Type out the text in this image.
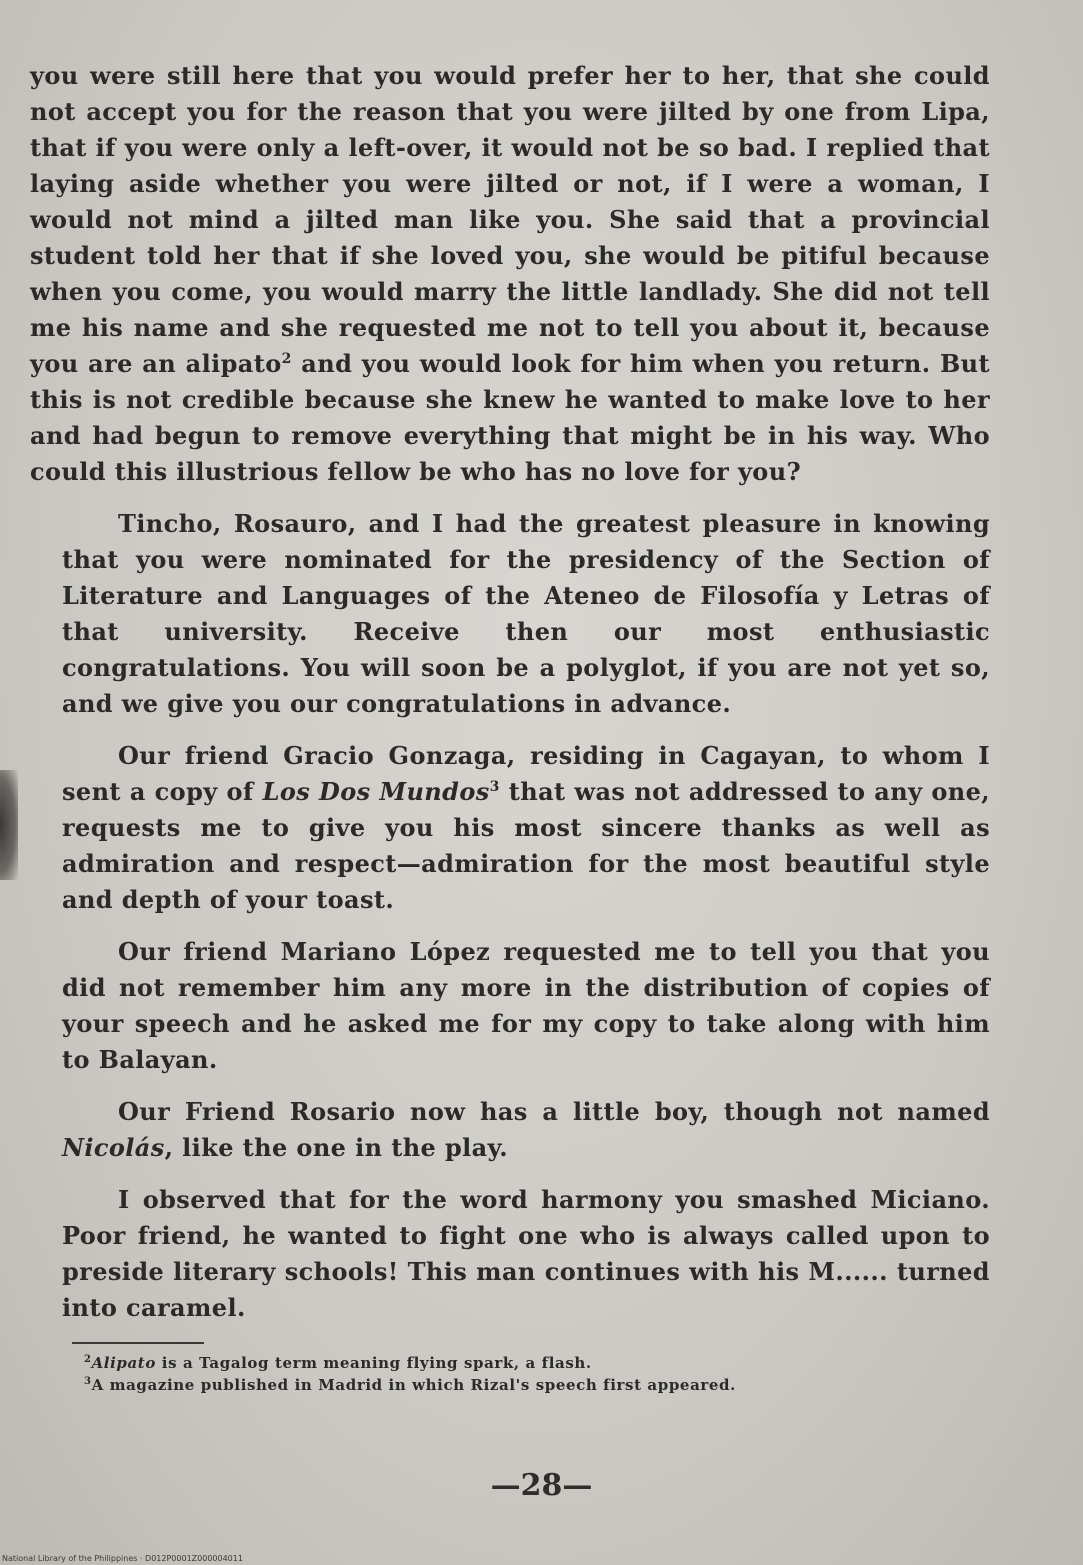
you were still here that you would prefer her to her, that she could not accept you for the reason that you were jilted by one from Lipa, that if you were only a left-over, it would not be so bad. I replied that laying aside whether you were jilted or not, if I were a woman, I would not mind a jilted man like you. She said that a provincial student told her that if she loved you, she would be pitiful because when you come, you would marry the little landlady. She did not tell me his name and she requested me not to tell you about it, because you are an alipato$^2$ and you would look for him when you return. But this is not credible because she knew he wanted to make love to her and had begun to remove everything that might be in his way. Who could this illustrious fellow be who has no love for you?

Tincho, Rosauro, and I had the greatest pleasure in knowing that you were nominated for the presidency of the Section of Literature and Languages of the Ateneo de Filosofía y Letras of that university. Receive then our most enthusiastic congratulations. You will soon be a polyglot, if you are not yet so, and we give you our congratulations in advance.

Our friend Gracio Gonzaga, residing in Cagayan, to whom I sent a copy of Los Dos Mundos$^3$ that was not addressed to any one, requests me to give you his most sincere thanks as well as admiration and respect—admiration for the most beautiful style and depth of your toast.

Our friend Mariano López requested me to tell you that you did not remember him any more in the distribution of copies of your speech and he asked me for my copy to take along with him to Balayan.

Our Friend Rosario now has a little boy, though not named Nicolás, like the one in the play.

I observed that for the word harmony you smashed Miciano. Poor friend, he wanted to fight one who is always called upon to preside literary schools! This man continues with his M...... turned into caramel.

$^2$Alipato is a Tagalog term meaning flying spark, a flash.

$^3$A magazine published in Madrid in which Rizal's speech first appeared.

—28—
National Library of the Philippines · D012P0001Z000004011
